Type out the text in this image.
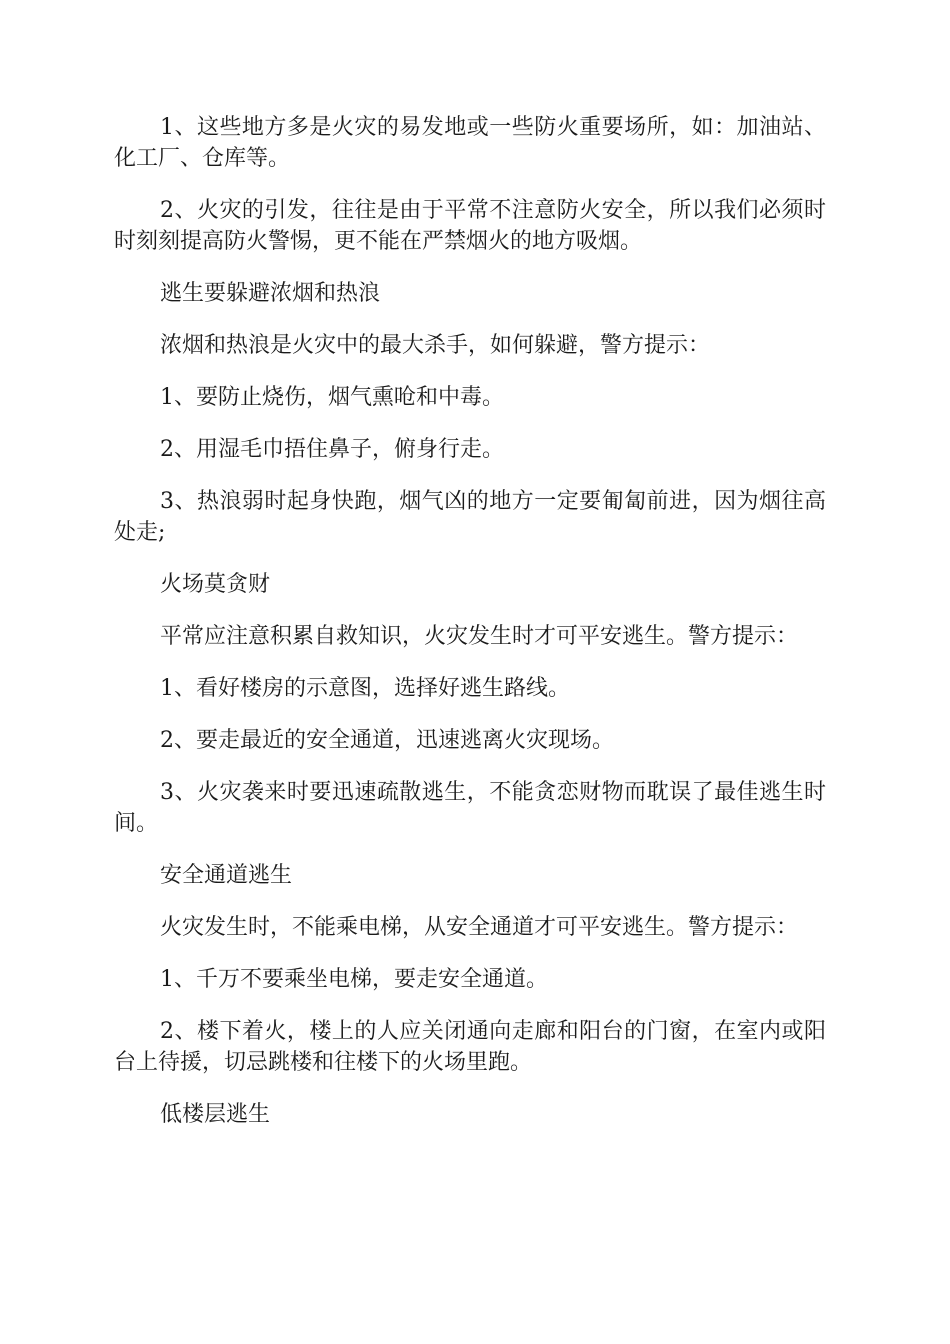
1、这些地方多是火灾的易发地或一些防火重要场所，如：加油站、化工厂、仓库等。

2、火灾的引发，往往是由于平常不注意防火安全，所以我们必须时时刻刻提高防火警惕，更不能在严禁烟火的地方吸烟。

逃生要躲避浓烟和热浪

浓烟和热浪是火灾中的最大杀手，如何躲避，警方提示：

1、要防止烧伤，烟气熏呛和中毒。

2、用湿毛巾捂住鼻子，俯身行走。

3、热浪弱时起身快跑，烟气凶的地方一定要匍匐前进，因为烟往高处走;

火场莫贪财

平常应注意积累自救知识，火灾发生时才可平安逃生。警方提示：

1、看好楼房的示意图，选择好逃生路线。

2、要走最近的安全通道，迅速逃离火灾现场。

3、火灾袭来时要迅速疏散逃生，不能贪恋财物而耽误了最佳逃生时间。

安全通道逃生

火灾发生时，不能乘电梯，从安全通道才可平安逃生。警方提示：

1、千万不要乘坐电梯，要走安全通道。

2、楼下着火，楼上的人应关闭通向走廊和阳台的门窗，在室内或阳台上待援，切忌跳楼和往楼下的火场里跑。

低楼层逃生
